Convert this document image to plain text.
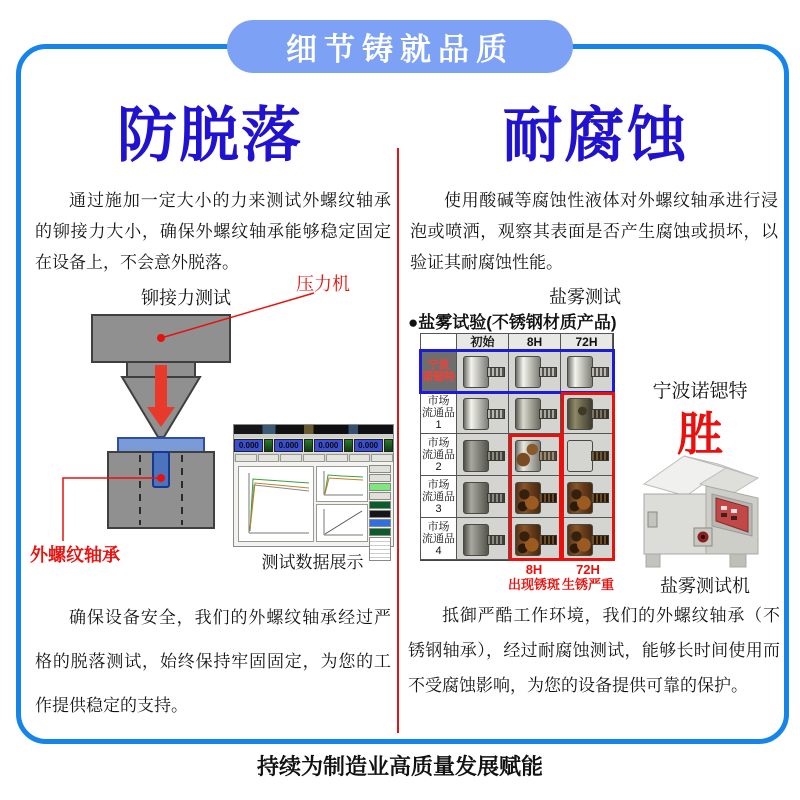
细节铸就品质
防脱落
通过施加一定大小的力来测试外螺纹轴承的铆接力大小，确保外螺纹轴承能够稳定固定在设备上，不会意外脱落。
铆接力测试
压力机
外螺纹轴承
0.000	0.000	0.000	0.000
测试数据展示
确保设备安全，我们的外螺纹轴承经过严格的脱落测试，始终保持牢固固定，为您的工作提供稳定的支持。
耐腐蚀
使用酸碱等腐蚀性液体对外螺纹轴承进行浸泡或喷洒，观察其表面是否产生腐蚀或损坏，以验证其耐腐蚀性能。
盐雾测试
●盐雾试验(不锈钢材质产品)
初始	8H	72H
宁波
诺锶特
市场
流通品
1
市场
流通品
2
市场
流通品
3
市场
流通品
4
8H
出现锈斑
72H
生锈严重
宁波诺锶特
胜
盐雾测试机
抵御严酷工作环境，我们的外螺纹轴承（不锈钢轴承），经过耐腐蚀测试，能够长时间使用而不受腐蚀影响，为您的设备提供可靠的保护。
持续为制造业高质量发展赋能
